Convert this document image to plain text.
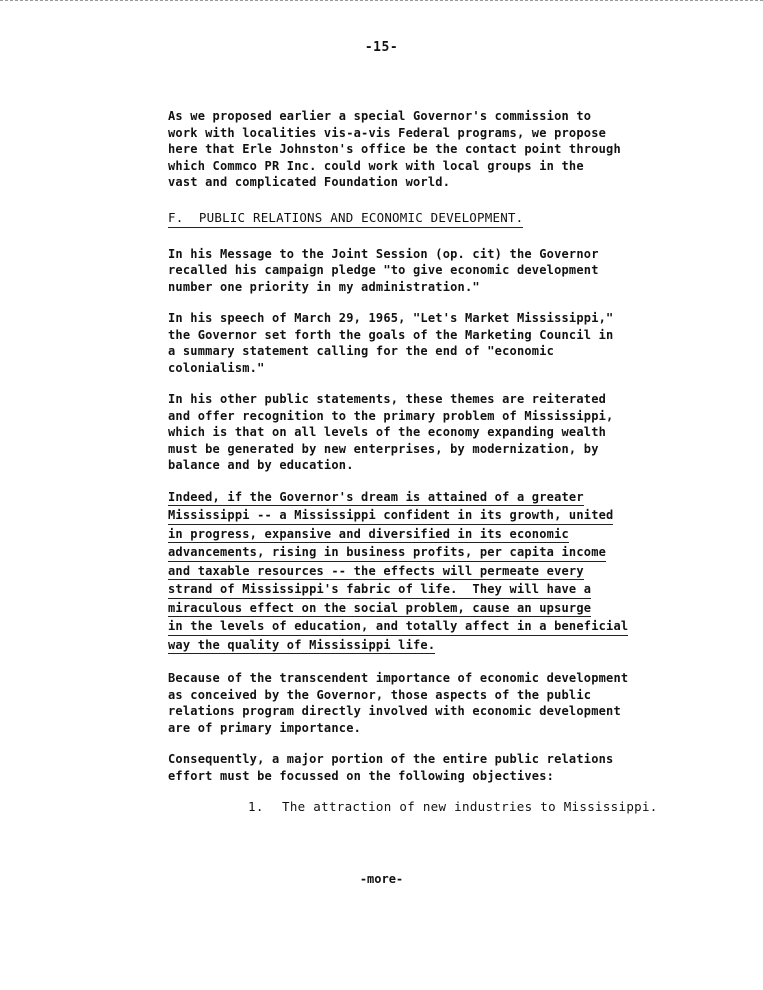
-15-

As we proposed earlier a special Governor's commission to
work with localities vis-a-vis Federal programs, we propose
here that Erle Johnston's office be the contact point through
which Commco PR Inc. could work with local groups in the
vast and complicated Foundation world.

F.  PUBLIC RELATIONS AND ECONOMIC DEVELOPMENT.

In his Message to the Joint Session (op. cit) the Governor
recalled his campaign pledge "to give economic development
number one priority in my administration."

In his speech of March 29, 1965, "Let's Market Mississippi,"
the Governor set forth the goals of the Marketing Council in
a summary statement calling for the end of "economic
colonialism."

In his other public statements, these themes are reiterated
and offer recognition to the primary problem of Mississippi,
which is that on all levels of the economy expanding wealth
must be generated by new enterprises, by modernization, by
balance and by education.

Indeed, if the Governor's dream is attained of a greater
Mississippi -- a Mississippi confident in its growth, united
in progress, expansive and diversified in its economic
advancements, rising in business profits, per capita income
and taxable resources -- the effects will permeate every
strand of Mississippi's fabric of life.  They will have a
miraculous effect on the social problem, cause an upsurge
in the levels of education, and totally affect in a beneficial
way the quality of Mississippi life.

Because of the transcendent importance of economic development
as conceived by the Governor, those aspects of the public
relations program directly involved with economic development
are of primary importance.

Consequently, a major portion of the entire public relations
effort must be focussed on the following objectives:

1. The attraction of new industries to Mississippi.
-more-
